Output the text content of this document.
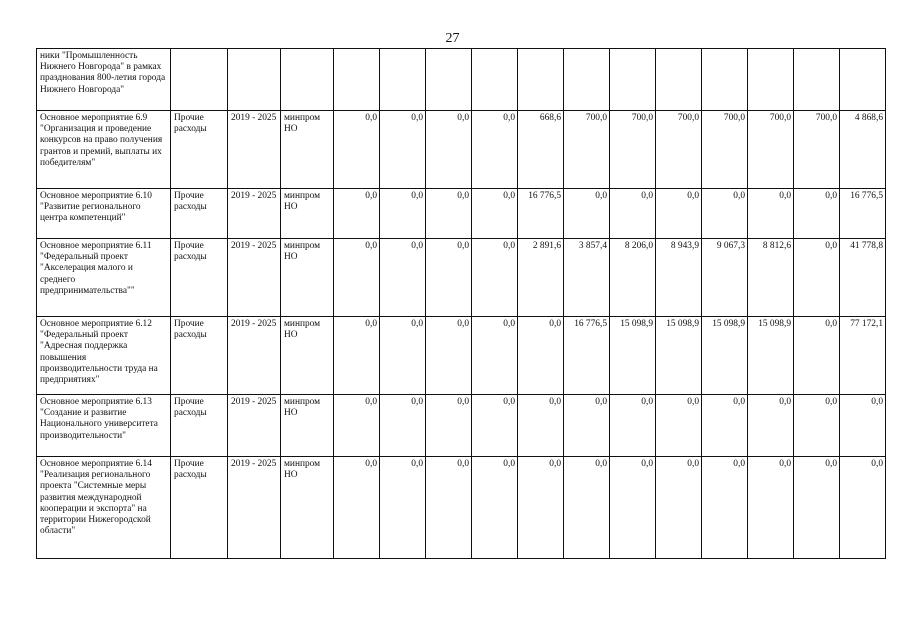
27
ники "Промышленность Нижнего Новгорода" в рамках празднования 800-летия города Нижнего Новгорода"															
Основное мероприятие 6.9 "Организация и проведение конкурсов на право получения грантов и премий, выплаты их победителям"	Прочие расходы	2019 - 2025	минпром НО	0,0	0,0	0,0	0,0	668,6	700,0	700,0	700,0	700,0	700,0	700,0	4 868,6
Основное мероприятие 6.10 "Развитие регионального центра компетенций"	Прочие расходы	2019 - 2025	минпром НО	0,0	0,0	0,0	0,0	16 776,5	0,0	0,0	0,0	0,0	0,0	0,0	16 776,5
Основное мероприятие 6.11 "Федеральный проект "Акселерация малого и среднего предпринимательства""	Прочие расходы	2019 - 2025	минпром НО	0,0	0,0	0,0	0,0	2 891,6	3 857,4	8 206,0	8 943,9	9 067,3	8 812,6	0,0	41 778,8
Основное мероприятие 6.12 "Федеральный проект "Адресная поддержка повышения производительности труда на предприятиях"	Прочие расходы	2019 - 2025	минпром НО	0,0	0,0	0,0	0,0	0,0	16 776,5	15 098,9	15 098,9	15 098,9	15 098,9	0,0	77 172,1
Основное мероприятие 6.13 "Создание и развитие Национального университета производительности"	Прочие расходы	2019 - 2025	минпром НО	0,0	0,0	0,0	0,0	0,0	0,0	0,0	0,0	0,0	0,0	0,0	0,0
Основное мероприятие 6.14 "Реализация регионального проекта "Системные меры развития международной кооперации и экспорта" на территории Нижегородской области"	Прочие расходы	2019 - 2025	минпром НО	0,0	0,0	0,0	0,0	0,0	0,0	0,0	0,0	0,0	0,0	0,0	0,0
